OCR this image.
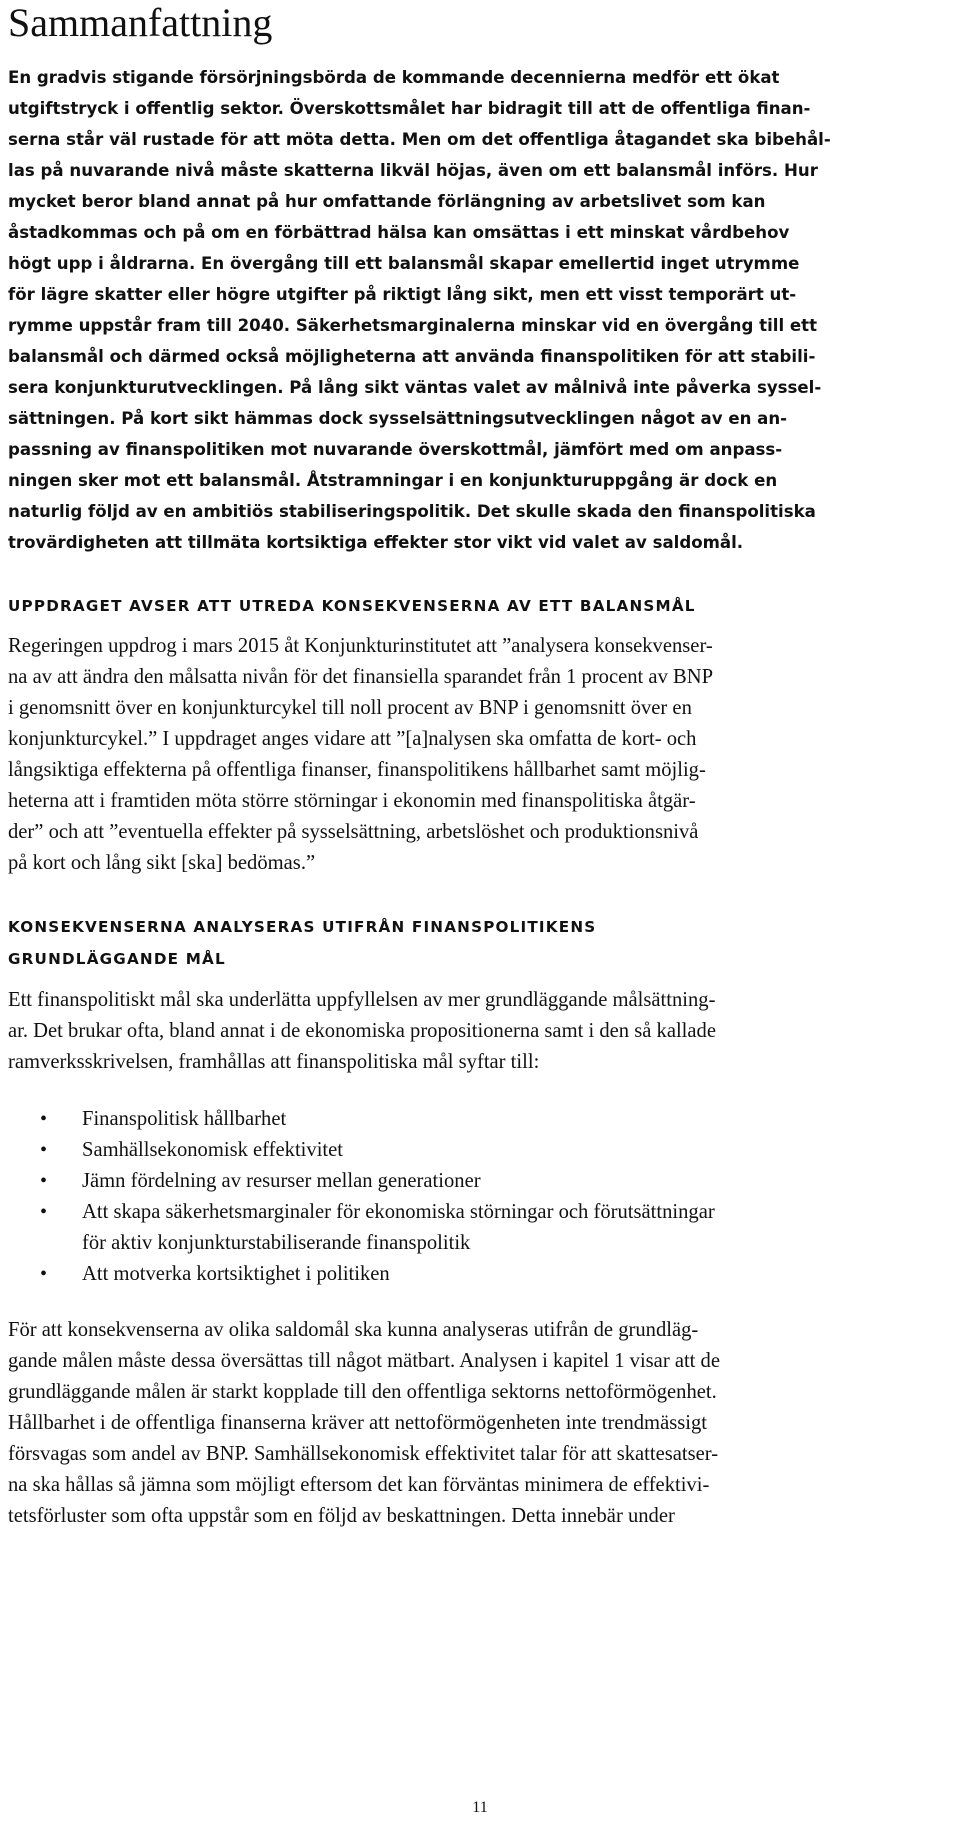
Sammanfattning

En gradvis stigande försörjningsbörda de kommande decennierna medför ett ökat

utgiftstryck i offentlig sektor. Överskottsmålet har bidragit till att de offentliga finan-

serna står väl rustade för att möta detta. Men om det offentliga åtagandet ska bibehål-

las på nuvarande nivå måste skatterna likväl höjas, även om ett balansmål införs. Hur

mycket beror bland annat på hur omfattande förlängning av arbetslivet som kan

åstadkommas och på om en förbättrad hälsa kan omsättas i ett minskat vårdbehov

högt upp i åldrarna. En övergång till ett balansmål skapar emellertid inget utrymme

för lägre skatter eller högre utgifter på riktigt lång sikt, men ett visst temporärt ut-

rymme uppstår fram till 2040. Säkerhetsmarginalerna minskar vid en övergång till ett

balansmål och därmed också möjligheterna att använda finanspolitiken för att stabili-

sera konjunkturutvecklingen. På lång sikt väntas valet av målnivå inte påverka syssel-

sättningen. På kort sikt hämmas dock sysselsättningsutvecklingen något av en an-

passning av finanspolitiken mot nuvarande överskottmål, jämfört med om anpass-

ningen sker mot ett balansmål. Åtstramningar i en konjunkturuppgång är dock en

naturlig följd av en ambitiös stabiliseringspolitik. Det skulle skada den finanspolitiska

trovärdigheten att tillmäta kortsiktiga effekter stor vikt vid valet av saldomål.

UPPDRAGET AVSER ATT UTREDA KONSEKVENSERNA AV ETT BALANSMÅL

Regeringen uppdrog i mars 2015 åt Konjunkturinstitutet att ”analysera konsekvenser-

na av att ändra den målsatta nivån för det finansiella sparandet från 1 procent av BNP

i genomsnitt över en konjunkturcykel till noll procent av BNP i genomsnitt över en

konjunkturcykel.” I uppdraget anges vidare att ”[a]nalysen ska omfatta de kort- och

långsiktiga effekterna på offentliga finanser, finanspolitikens hållbarhet samt möjlig-

heterna att i framtiden möta större störningar i ekonomin med finanspolitiska åtgär-

der” och att ”eventuella effekter på sysselsättning, arbetslöshet och produktionsnivå

på kort och lång sikt [ska] bedömas.”

KONSEKVENSERNA ANALYSERAS UTIFRÅN FINANSPOLITIKENS
GRUNDLÄGGANDE MÅL

Ett finanspolitiskt mål ska underlätta uppfyllelsen av mer grundläggande målsättning-

ar. Det brukar ofta, bland annat i de ekonomiska propositionerna samt i den så kallade

ramverksskrivelsen, framhållas att finanspolitiska mål syftar till:

• Finanspolitisk hållbarhet

• Samhällsekonomisk effektivitet

• Jämn fördelning av resurser mellan generationer

• Att skapa säkerhetsmarginaler för ekonomiska störningar och förutsättningar

för aktiv konjunkturstabiliserande finanspolitik

• Att motverka kortsiktighet i politiken

För att konsekvenserna av olika saldomål ska kunna analyseras utifrån de grundläg-

gande målen måste dessa översättas till något mätbart. Analysen i kapitel 1 visar att de

grundläggande målen är starkt kopplade till den offentliga sektorns nettoförmögenhet.

Hållbarhet i de offentliga finanserna kräver att nettoförmögenheten inte trendmässigt

försvagas som andel av BNP. Samhällsekonomisk effektivitet talar för att skattesatser-

na ska hållas så jämna som möjligt eftersom det kan förväntas minimera de effektivi-

tetsförluster som ofta uppstår som en följd av beskattningen. Detta innebär under

11
